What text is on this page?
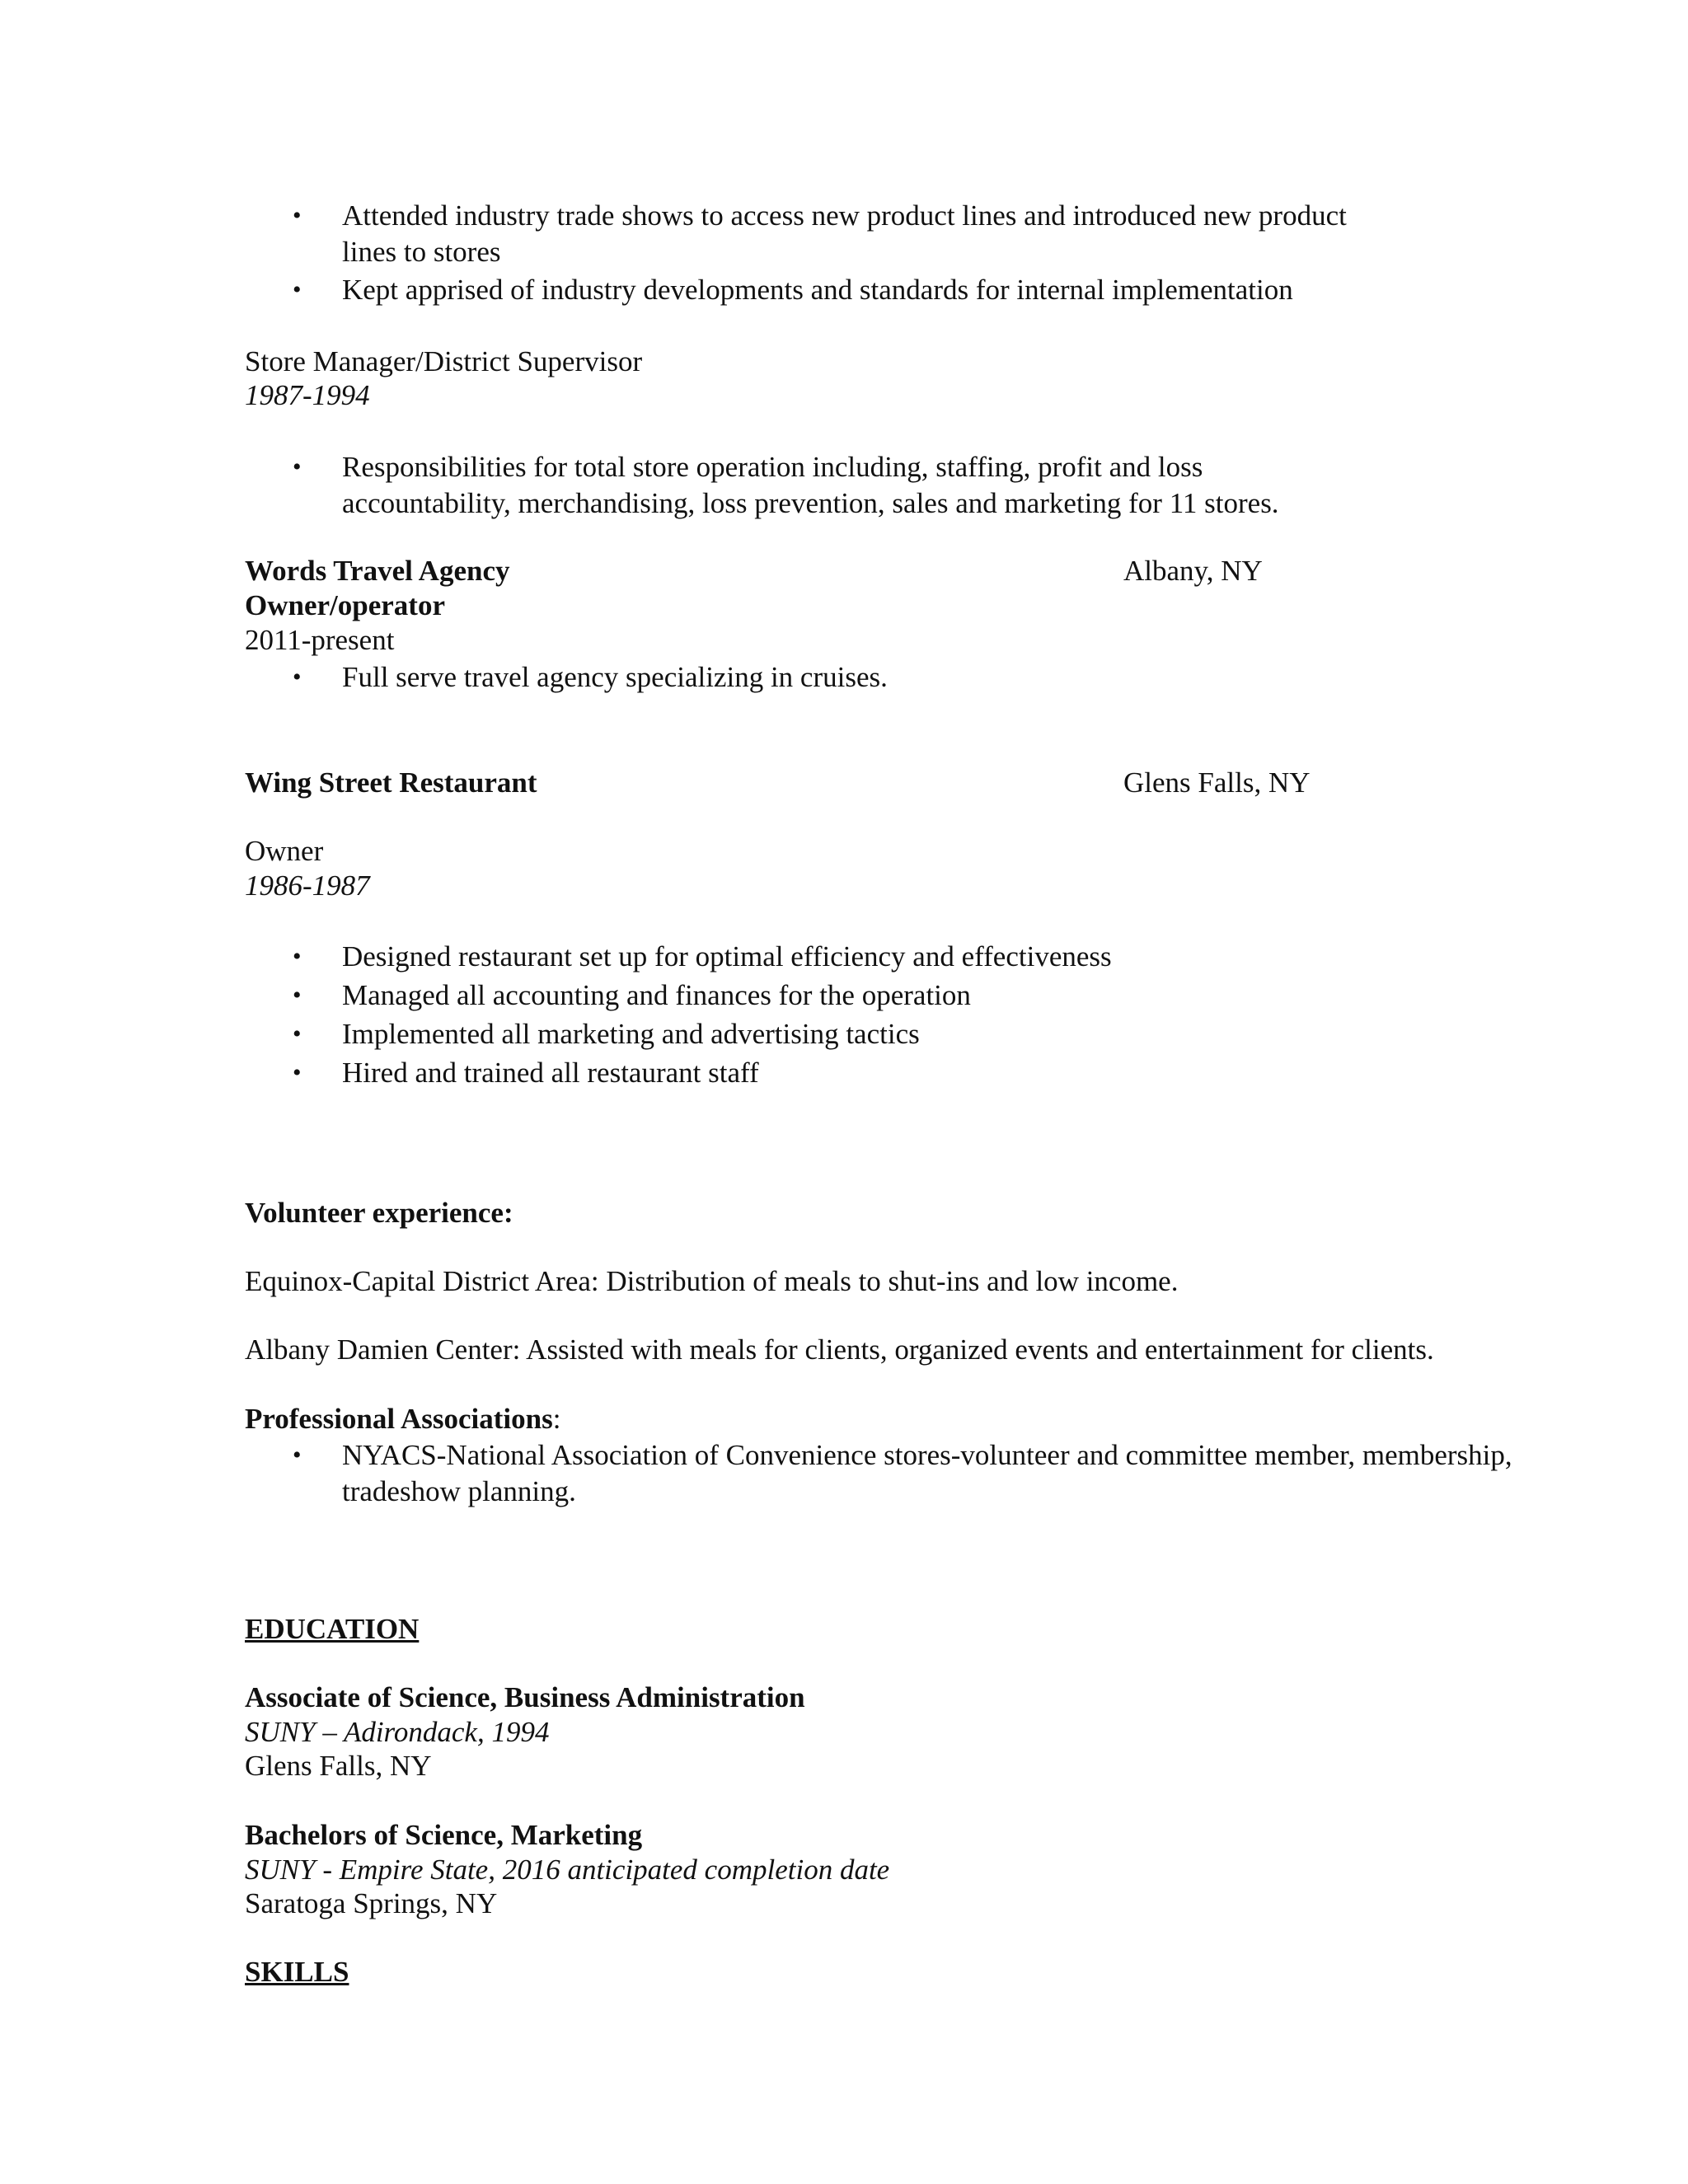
• Attended industry trade shows to access new product lines and introduced new product

lines to stores

• Kept apprised of industry developments and standards for internal implementation

Store Manager/District Supervisor

1987-1994

• Responsibilities for total store operation including, staffing, profit and loss

accountability, merchandising, loss prevention, sales and marketing for 11 stores.

Words Travel Agency	Albany, NY

Owner/operator

2011-present

• Full serve travel agency specializing in cruises.

Wing Street Restaurant	Glens Falls, NY

Owner

1986-1987

• Designed restaurant set up for optimal efficiency and effectiveness

• Managed all accounting and finances for the operation

• Implemented all marketing and advertising tactics

• Hired and trained all restaurant staff

Volunteer experience:

Equinox-Capital District Area: Distribution of meals to shut-ins and low income.

Albany Damien Center: Assisted with meals for clients, organized events and entertainment for clients.

Professional Associations:

• NYACS-National Association of Convenience stores-volunteer and committee member, membership,

tradeshow planning.

EDUCATION

Associate of Science, Business Administration

SUNY – Adirondack, 1994

Glens Falls, NY

Bachelors of Science, Marketing

SUNY - Empire State, 2016 anticipated completion date

Saratoga Springs, NY

SKILLS
